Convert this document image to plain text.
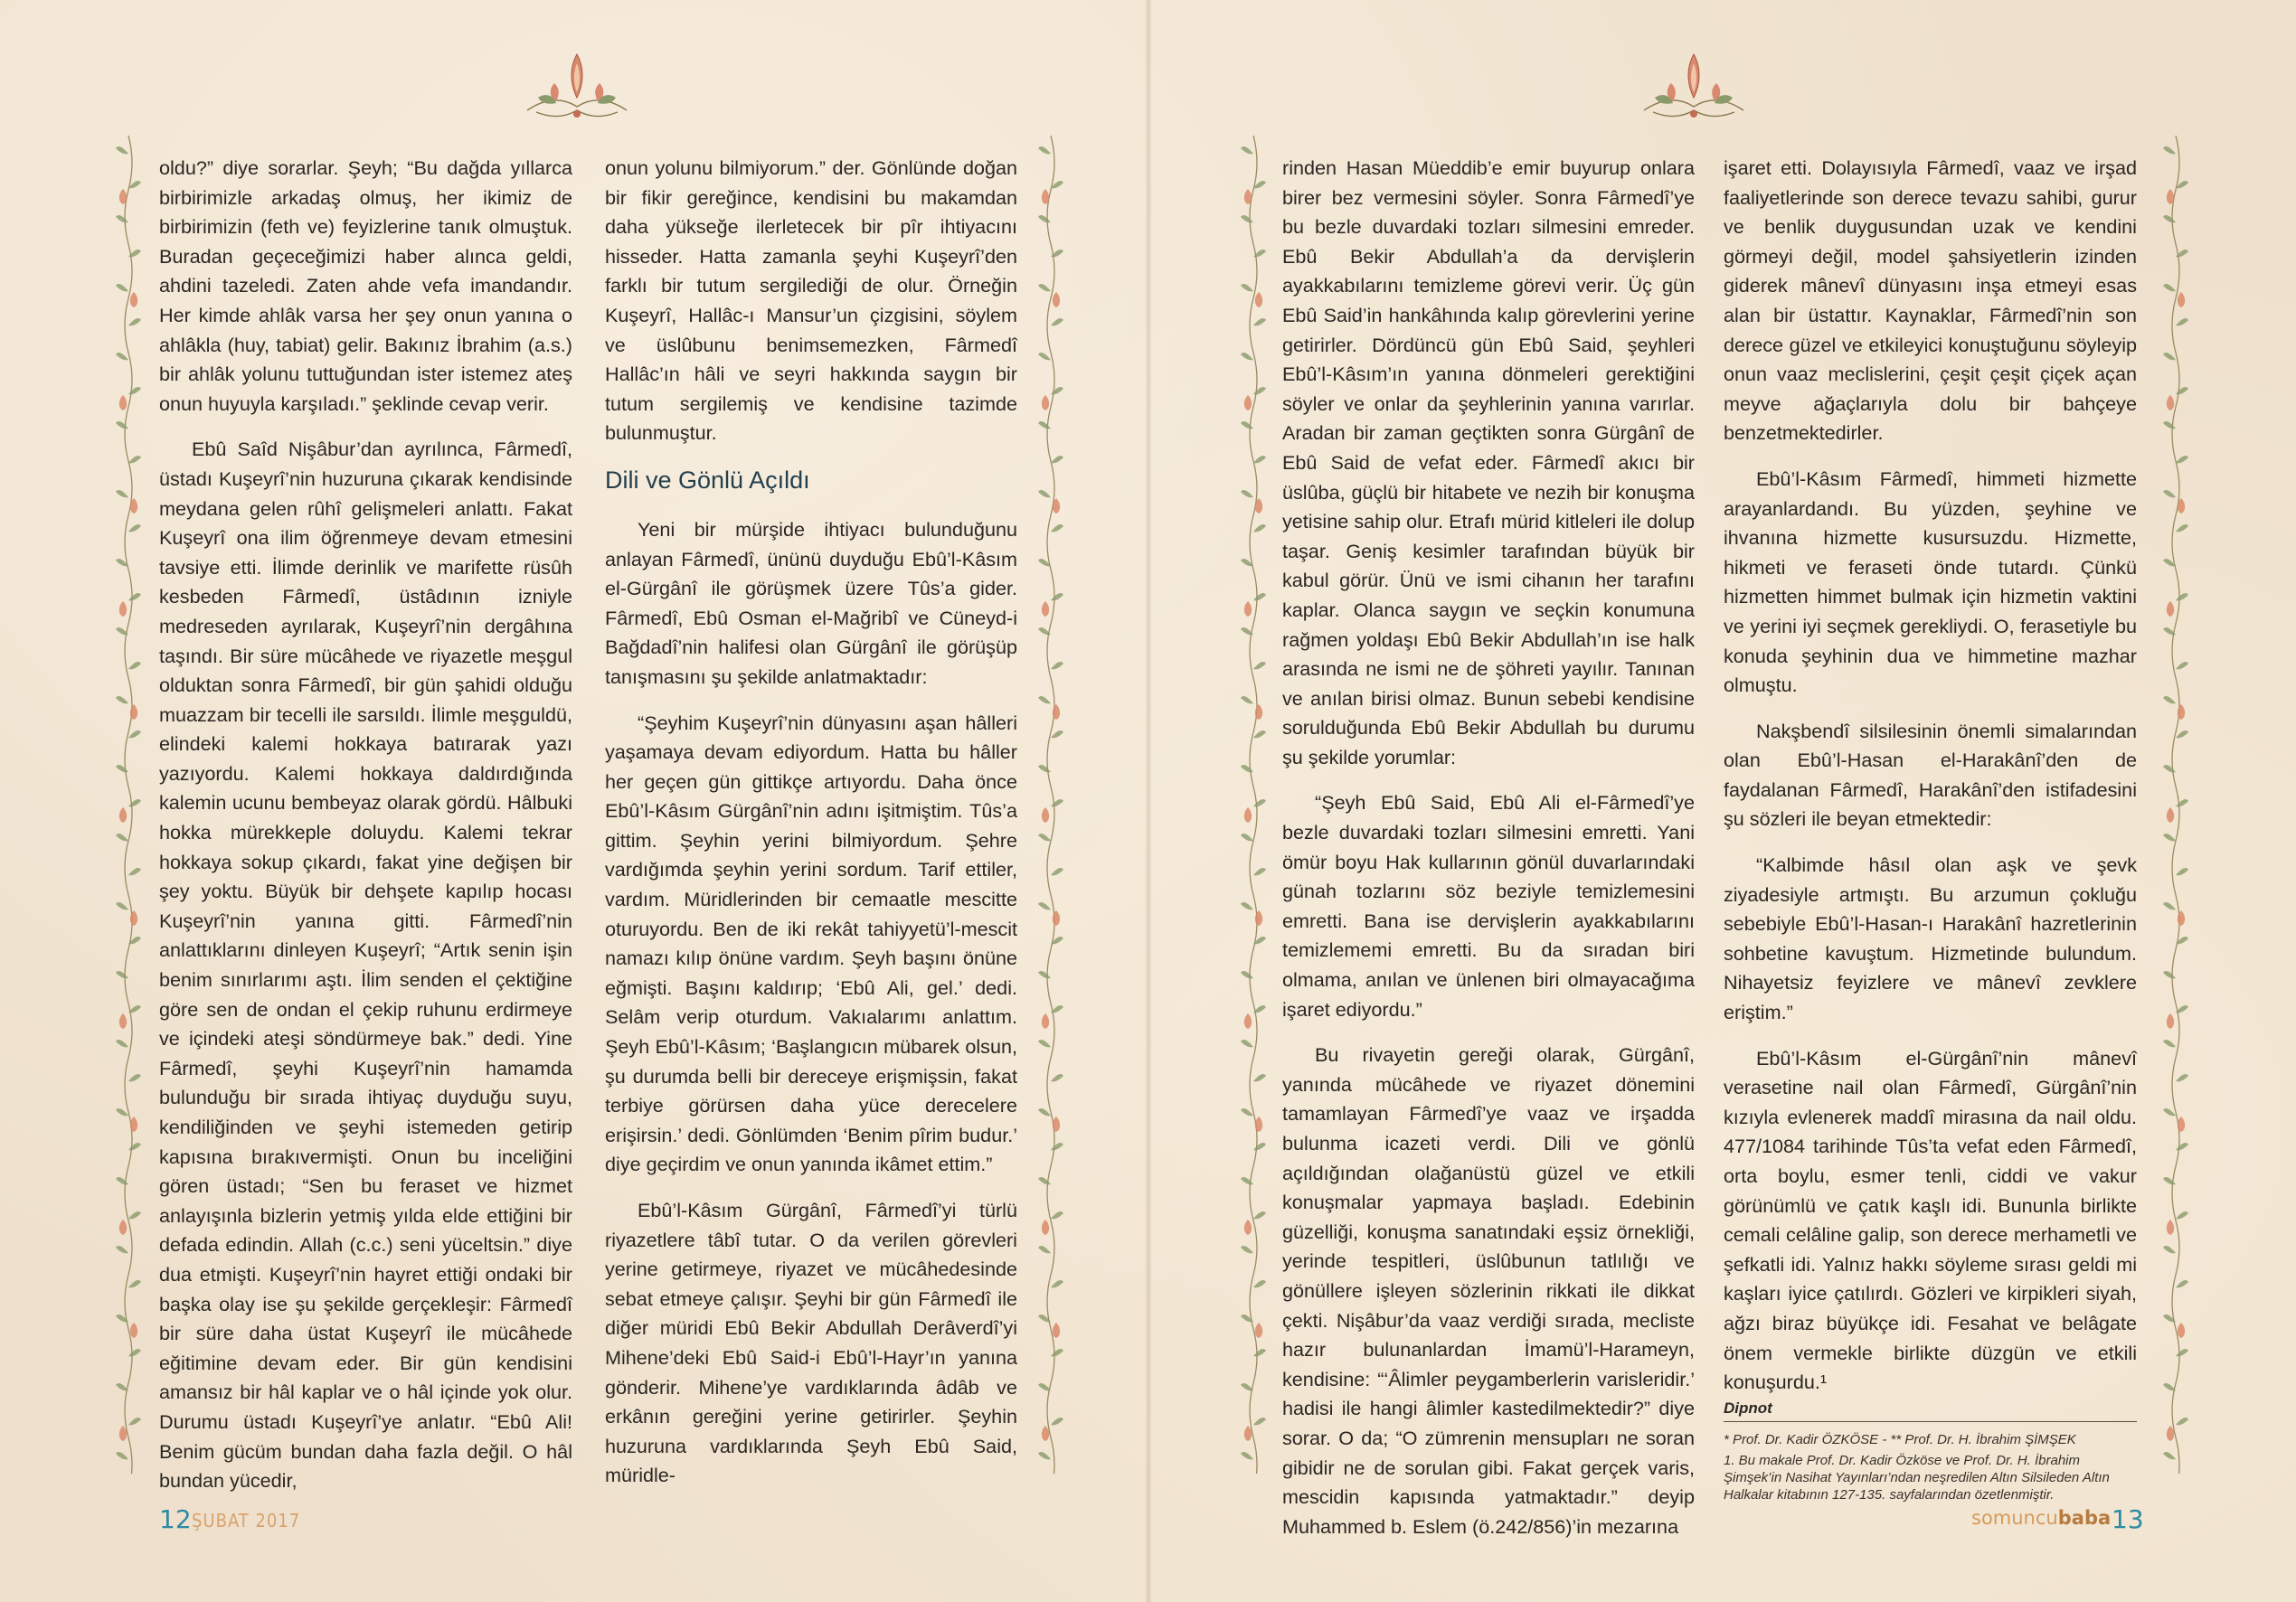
oldu?” diye sorarlar. Şeyh; “Bu dağda yıllarca birbirimizle arkadaş olmuş, her ikimiz de birbirimizin (feth ve) feyizlerine tanık olmuştuk. Buradan geçeceğimizi haber alınca geldi, ahdini tazeledi. Zaten ahde vefa imandandır. Her kimde ahlâk varsa her şey onun yanına o ahlâkla (huy, tabiat) gelir. Bakınız İbrahim (a.s.) bir ahlâk yolunu tuttuğundan ister istemez ateş onun huyuyla karşıladı.” şeklinde cevap verir.

Ebû Saîd Nişâbur’dan ayrılınca, Fârmedî, üstadı Kuşeyrî’nin huzuruna çıkarak kendisinde meydana gelen rûhî gelişmeleri anlattı. Fakat Kuşeyrî ona ilim öğrenmeye devam etmesini tavsiye etti. İlimde derinlik ve marifette rüsûh kesbeden Fârmedî, üstâdının izniyle medreseden ayrılarak, Kuşeyrî’nin dergâhına taşındı. Bir süre mücâhede ve riyazetle meşgul olduktan sonra Fârmedî, bir gün şahidi olduğu muazzam bir tecelli ile sarsıldı. İlimle meşguldü, elindeki kalemi hokkaya batırarak yazı yazıyordu. Kalemi hokkaya daldırdığında kalemin ucunu bembeyaz olarak gördü. Hâlbuki hokka mürekkeple doluydu. Kalemi tekrar hokkaya sokup çıkardı, fakat yine değişen bir şey yoktu. Büyük bir dehşete kapılıp hocası Kuşeyrî’nin yanına gitti. Fârmedî’nin anlattıklarını dinleyen Kuşeyrî; “Artık senin işin benim sınırlarımı aştı. İlim senden el çektiğine göre sen de ondan el çekip ruhunu erdirmeye ve içindeki ateşi söndürmeye bak.” dedi. Yine Fârmedî, şeyhi Kuşeyrî’nin hamamda bulunduğu bir sırada ihtiyaç duyduğu suyu, kendiliğinden ve şeyhi istemeden getirip kapısına bırakıvermişti. Onun bu inceliğini gören üstadı; “Sen bu feraset ve hizmet anlayışınla bizlerin yetmiş yılda elde ettiğini bir defada edindin. Allah (c.c.) seni yüceltsin.” diye dua etmişti. Kuşeyrî’nin hayret ettiği ondaki bir başka olay ise şu şekilde gerçekleşir: Fârmedî bir süre daha üstat Kuşeyrî ile mücâhede eğitimine devam eder. Bir gün kendisini amansız bir hâl kaplar ve o hâl içinde yok olur. Durumu üstadı Kuşeyrî’ye anlatır. “Ebû Ali! Benim gücüm bundan daha fazla değil. O hâl bundan yücedir,

onun yolunu bilmiyorum.” der. Gönlünde doğan bir fikir gereğince, kendisini bu makamdan daha yükseğe ilerletecek bir pîr ihtiyacını hisseder. Hatta zamanla şeyhi Kuşeyrî’den farklı bir tutum sergilediği de olur. Örneğin Kuşeyrî, Hallâc-ı Mansur’un çizgisini, söylem ve üslûbunu benimsemezken, Fârmedî Hallâc’ın hâli ve seyri hakkında saygın bir tutum sergilemiş ve kendisine tazimde bulunmuştur.

Dili ve Gönlü Açıldı

Yeni bir mürşide ihtiyacı bulunduğunu anlayan Fârmedî, ününü duyduğu Ebû’l-Kâsım el-Gürgânî ile görüşmek üzere Tûs’a gider. Fârmedî, Ebû Osman el-Mağribî ve Cüneyd-i Bağdadî’nin halifesi olan Gürgânî ile görüşüp tanışmasını şu şekilde anlatmaktadır:

“Şeyhim Kuşeyrî’nin dünyasını aşan hâlleri yaşamaya devam ediyordum. Hatta bu hâller her geçen gün gittikçe artıyordu. Daha önce Ebû’l-Kâsım Gürgânî’nin adını işitmiştim. Tûs’a gittim. Şeyhin yerini bilmiyordum. Şehre vardığımda şeyhin yerini sordum. Tarif ettiler, vardım. Müridlerinden bir cemaatle mescitte oturuyordu. Ben de iki rekât tahiyyetü’l-mescit namazı kılıp önüne vardım. Şeyh başını önüne eğmişti. Başını kaldırıp; ‘Ebû Ali, gel.’ dedi. Selâm verip oturdum. Vakıalarımı anlattım. Şeyh Ebû’l-Kâsım; ‘Başlangıcın mübarek olsun, şu durumda belli bir dereceye erişmişsin, fakat terbiye görürsen daha yüce derecelere erişirsin.’ dedi. Gönlümden ‘Benim pîrim budur.’ diye geçirdim ve onun yanında ikâmet ettim.”

Ebû’l-Kâsım Gürgânî, Fârmedî’yi türlü riyazetlere tâbî tutar. O da verilen görevleri yerine getirmeye, riyazet ve mücâhedesinde sebat etmeye çalışır. Şeyhi bir gün Fârmedî ile diğer müridi Ebû Bekir Abdullah Derâverdî’yi Mihene’deki Ebû Said-i Ebû’l-Hayr’ın yanına gönderir. Mihene’ye vardıklarında âdâb ve erkânın gereğini yerine getirirler. Şeyhin huzuruna vardıklarında Şeyh Ebû Said, müridle-

rinden Hasan Müeddib’e emir buyurup onlara birer bez vermesini söyler. Sonra Fârmedî’ye bu bezle duvardaki tozları silmesini emreder. Ebû Bekir Abdullah’a da dervişlerin ayakkabılarını temizleme görevi verir. Üç gün Ebû Said’in hankâhında kalıp görevlerini yerine getirirler. Dördüncü gün Ebû Said, şeyhleri Ebû’l-Kâsım’ın yanına dönmeleri gerektiğini söyler ve onlar da şeyhlerinin yanına varırlar. Aradan bir zaman geçtikten sonra Gürgânî de Ebû Said de vefat eder. Fârmedî akıcı bir üslûba, güçlü bir hitabete ve nezih bir konuşma yetisine sahip olur. Etrafı mürid kitleleri ile dolup taşar. Geniş kesimler tarafından büyük bir kabul görür. Ünü ve ismi cihanın her tarafını kaplar. Olanca saygın ve seçkin konumuna rağmen yoldaşı Ebû Bekir Abdullah’ın ise halk arasında ne ismi ne de şöhreti yayılır. Tanınan ve anılan birisi olmaz. Bunun sebebi kendisine sorulduğunda Ebû Bekir Abdullah bu durumu şu şekilde yorumlar:

“Şeyh Ebû Said, Ebû Ali el-Fârmedî’ye bezle duvardaki tozları silmesini emretti. Yani ömür boyu Hak kullarının gönül duvarlarındaki günah tozlarını söz beziyle temizlemesini emretti. Bana ise dervişlerin ayakkabılarını temizlememi emretti. Bu da sıradan biri olmama, anılan ve ünlenen biri olmayacağıma işaret ediyordu.”

Bu rivayetin gereği olarak, Gürgânî, yanında mücâhede ve riyazet dönemini tamamlayan Fârmedî’ye vaaz ve irşadda bulunma icazeti verdi. Dili ve gönlü açıldığından olağanüstü güzel ve etkili konuşmalar yapmaya başladı. Edebinin güzelliği, konuşma sanatındaki eşsiz örnekliği, yerinde tespitleri, üslûbunun tatlılığı ve gönüllere işleyen sözlerinin rikkati ile dikkat çekti. Nişâbur’da vaaz verdiği sırada, mecliste hazır bulunanlardan İmamü’l-Harameyn, kendisine: “‘Âlimler peygamberlerin varisleridir.’ hadisi ile hangi âlimler kastedilmektedir?” diye sorar. O da; “O zümrenin mensupları ne soran gibidir ne de sorulan gibi. Fakat gerçek varis, mescidin kapısında yatmaktadır.” deyip Muhammed b. Eslem (ö.242/856)’in mezarına

işaret etti. Dolayısıyla Fârmedî, vaaz ve irşad faaliyetlerinde son derece tevazu sahibi, gurur ve benlik duygusundan uzak ve kendini görmeyi değil, model şahsiyetlerin izinden giderek mânevî dünyasını inşa etmeyi esas alan bir üstattır. Kaynaklar, Fârmedî’nin son derece güzel ve etkileyici konuştuğunu söyleyip onun vaaz meclislerini, çeşit çeşit çiçek açan meyve ağaçlarıyla dolu bir bahçeye benzetmektedirler.

Ebû’l-Kâsım Fârmedî, himmeti hizmette arayanlardandı. Bu yüzden, şeyhine ve ihvanına hizmette kusursuzdu. Hizmette, hikmeti ve feraseti önde tutardı. Çünkü hizmetten himmet bulmak için hizmetin vaktini ve yerini iyi seçmek gerekliydi. O, ferasetiyle bu konuda şeyhinin dua ve himmetine mazhar olmuştu.

Nakşbendî silsilesinin önemli simalarından olan Ebû’l-Hasan el-Harakânî’den de faydalanan Fârmedî, Harakânî’den istifadesini şu sözleri ile beyan etmektedir:

“Kalbimde hâsıl olan aşk ve şevk ziyadesiyle artmıştı. Bu arzumun çokluğu sebebiyle Ebû’l-Hasan-ı Harakânî hazretlerinin sohbetine kavuştum. Hizmetinde bulundum. Nihayetsiz feyizlere ve mânevî zevklere eriştim.”

Ebû’l-Kâsım el-Gürgânî’nin mânevî verasetine nail olan Fârmedî, Gürgânî’nin kızıyla evlenerek maddî mirasına da nail oldu. 477/1084 tarihinde Tûs’ta vefat eden Fârmedî, orta boylu, esmer tenli, ciddi ve vakur görünümlü ve çatık kaşlı idi. Bununla birlikte cemali celâline galip, son derece merhametli ve şefkatli idi. Yalnız hakkı söyleme sırası geldi mi kaşları iyice çatılırdı. Gözleri ve kirpikleri siyah, ağzı biraz büyükçe idi. Fesahat ve belâgate önem vermekle birlikte düzgün ve etkili konuşurdu.¹

Dipnot
* Prof. Dr. Kadir ÖZKÖSE - ** Prof. Dr. H. İbrahim ŞİMŞEK
1. Bu makale Prof. Dr. Kadir Özköse ve Prof. Dr. H. İbrahim Şimşek’in Nasihat Yayınları’ndan neşredilen Altın Silsileden Altın Halkalar kitabının 127-135. sayfalarından özetlenmiştir.
12 ŞUBAT 2017	somuncubaba 13
